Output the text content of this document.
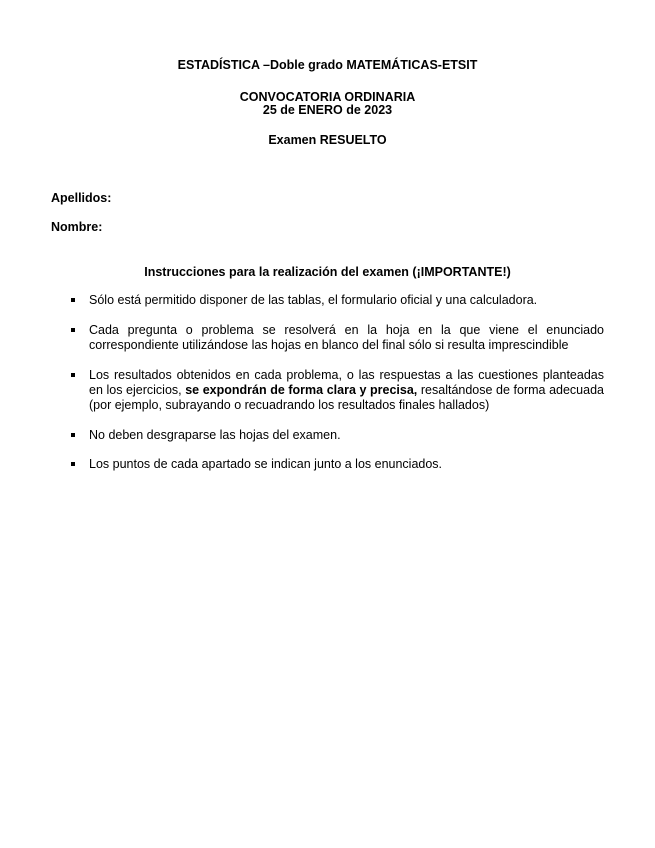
ESTADÍSTICA –Doble grado MATEMÁTICAS-ETSIT
CONVOCATORIA ORDINARIA
25 de ENERO de 2023
Examen RESUELTO
Apellidos:
Nombre:
Instrucciones para la realización del examen (¡IMPORTANTE!)
Sólo está permitido disponer de las tablas, el formulario oficial y una calculadora.
Cada pregunta o problema se resolverá en la hoja en la que viene el enunciado correspondiente utilizándose las hojas en blanco del final sólo si resulta imprescindible
Los resultados obtenidos en cada problema, o las respuestas a las cuestiones planteadas en los ejercicios, se expondrán de forma clara y precisa, resaltándose de forma adecuada (por ejemplo, subrayando o recuadrando los resultados finales hallados)
No deben desgraparse las hojas del examen.
Los puntos de cada apartado se indican junto a los enunciados.
